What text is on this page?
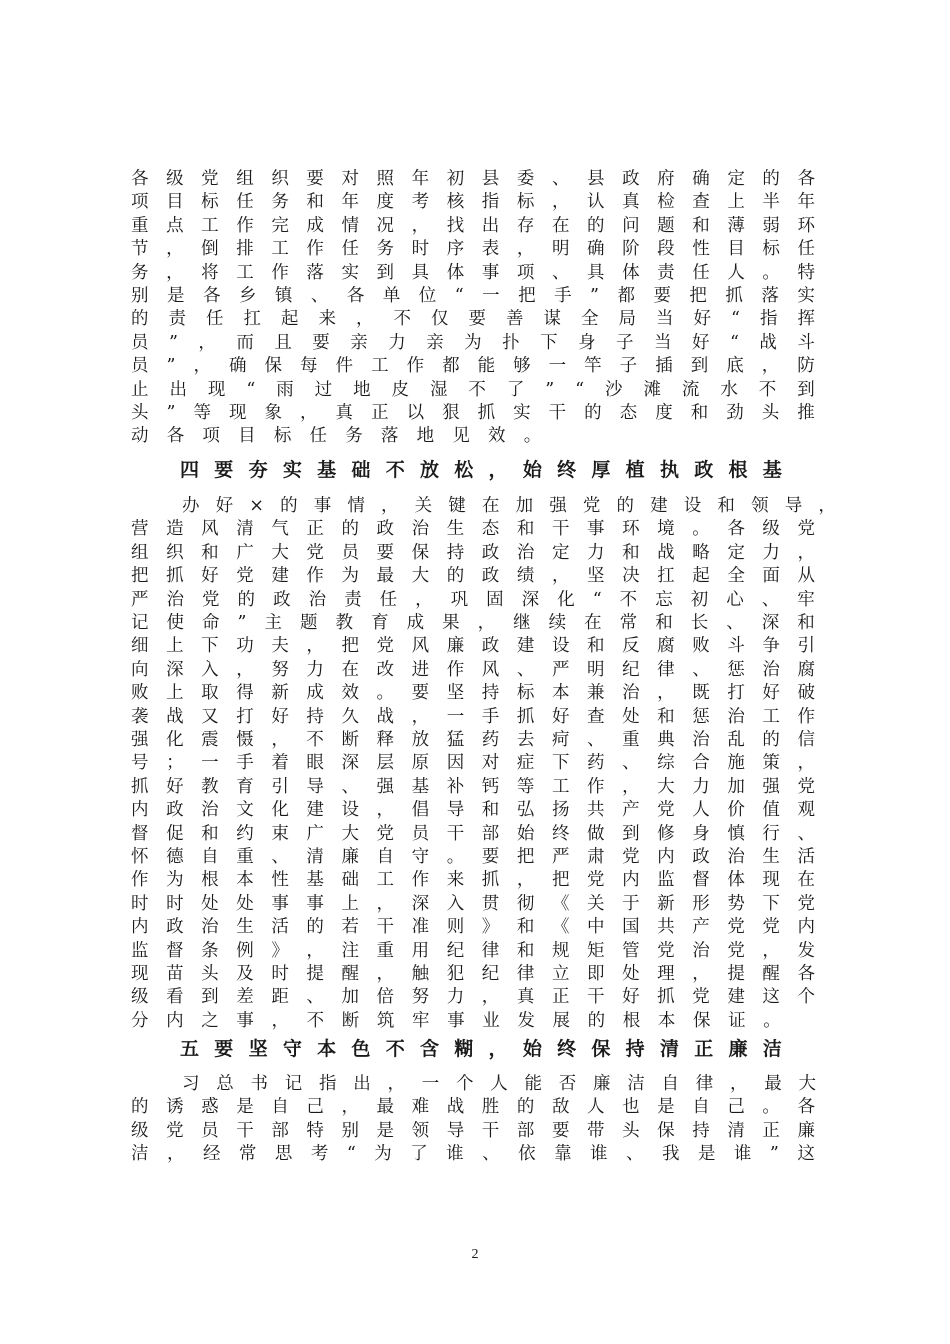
各 级 党 组 织 要 对 照 年 初 县 委 、 县 政 府 确 定 的 各
项 目 标 任 务 和 年 度 考 核 指 标 ， 认 真 检 查 上 半 年
重 点 工 作 完 成 情 况 ， 找 出 存 在 的 问 题 和 薄 弱 环
节 ， 倒 排 工 作 任 务 时 序 表 ， 明 确 阶 段 性 目 标 任
务 ， 将 工 作 落 实 到 具 体 事 项 、 具 体 责 任 人 。 特
别 是 各 乡 镇 、 各 单 位 “ 一 把 手 ” 都 要 把 抓 落 实
的 责 任 扛 起 来 ， 不 仅 要 善 谋 全 局 当 好 “ 指 挥
员 ” ， 而 且 要 亲 力 亲 为 扑 下 身 子 当 好 “ 战 斗
员 ” ， 确 保 每 件 工 作 都 能 够 一 竿 子 插 到 底 ， 防
止 出 现 “ 雨 过 地 皮 湿 不 了 ” “ 沙 滩 流 水 不 到
头 ” 等 现 象 ， 真 正 以 狠 抓 实 干 的 态 度 和 劲 头 推
动 各 项 目 标 任 务 落 地 见 效 。
四 要 夯 实 基 础 不 放 松 ， 始 终 厚 植 执 政 根 基
办 好 × 的 事 情 ， 关 键 在 加 强 党 的 建 设 和 领 导 ，
营 造 风 清 气 正 的 政 治 生 态 和 干 事 环 境 。 各 级 党
组 织 和 广 大 党 员 要 保 持 政 治 定 力 和 战 略 定 力 ，
把 抓 好 党 建 作 为 最 大 的 政 绩 ， 坚 决 扛 起 全 面 从
严 治 党 的 政 治 责 任 ， 巩 固 深 化 “ 不 忘 初 心 、 牢
记 使 命 ” 主 题 教 育 成 果 ， 继 续 在 常 和 长 、 深 和
细 上 下 功 夫 ， 把 党 风 廉 政 建 设 和 反 腐 败 斗 争 引
向 深 入 ， 努 力 在 改 进 作 风 、 严 明 纪 律 、 惩 治 腐
败 上 取 得 新 成 效 。 要 坚 持 标 本 兼 治 ， 既 打 好 破
袭 战 又 打 好 持 久 战 ， 一 手 抓 好 查 处 和 惩 治 工 作
强 化 震 慑 ， 不 断 释 放 猛 药 去 疴 、 重 典 治 乱 的 信
号 ； 一 手 着 眼 深 层 原 因 对 症 下 药 、 综 合 施 策 ，
抓 好 教 育 引 导 、 强 基 补 钙 等 工 作 ， 大 力 加 强 党
内 政 治 文 化 建 设 ， 倡 导 和 弘 扬 共 产 党 人 价 值 观
督 促 和 约 束 广 大 党 员 干 部 始 终 做 到 修 身 慎 行 、
怀 德 自 重 、 清 廉 自 守 。 要 把 严 肃 党 内 政 治 生 活
作 为 根 本 性 基 础 工 作 来 抓 ， 把 党 内 监 督 体 现 在
时 时 处 处 事 事 上 ， 深 入 贯 彻 《 关 于 新 形 势 下 党
内 政 治 生 活 的 若 干 准 则 》 和 《 中 国 共 产 党 党 内
监 督 条 例 》 ， 注 重 用 纪 律 和 规 矩 管 党 治 党 ， 发
现 苗 头 及 时 提 醒 ， 触 犯 纪 律 立 即 处 理 ， 提 醒 各
级 看 到 差 距 、 加 倍 努 力 ， 真 正 干 好 抓 党 建 这 个
分 内 之 事 ， 不 断 筑 牢 事 业 发 展 的 根 本 保 证 。
五 要 坚 守 本 色 不 含 糊 ， 始 终 保 持 清 正 廉 洁
习 总 书 记 指 出 ， 一 个 人 能 否 廉 洁 自 律 ， 最 大
的 诱 惑 是 自 己 ， 最 难 战 胜 的 敌 人 也 是 自 己 。 各
级 党 员 干 部 特 别 是 领 导 干 部 要 带 头 保 持 清 正 廉
洁 ， 经 常 思 考 “ 为 了 谁 、 依 靠 谁 、 我 是 谁 ” 这
2
